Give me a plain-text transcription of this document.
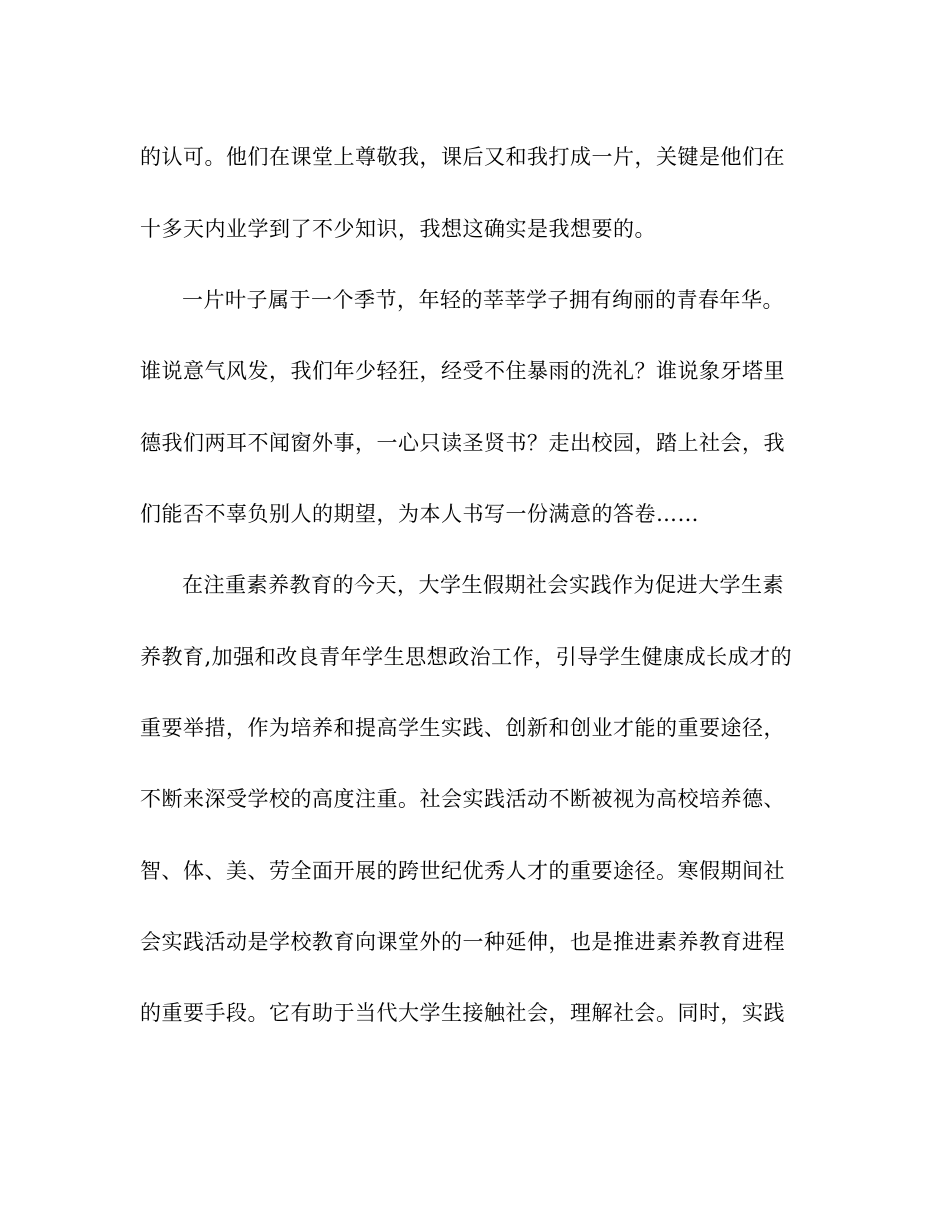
的认可。他们在课堂上尊敬我，课后又和我打成一片，关键是他们在
十多天内业学到了不少知识，我想这确实是我想要的。
一片叶子属于一个季节，年轻的莘莘学子拥有绚丽的青春年华。
谁说意气风发，我们年少轻狂，经受不住暴雨的洗礼？谁说象牙塔里
德我们两耳不闻窗外事，一心只读圣贤书？走出校园，踏上社会，我
们能否不辜负别人的期望，为本人书写一份满意的答卷……
在注重素养教育的今天，大学生假期社会实践作为促进大学生素
养教育,加强和改良青年学生思想政治工作，引导学生健康成长成才的
重要举措，作为培养和提高学生实践、创新和创业才能的重要途径，
不断来深受学校的高度注重。社会实践活动不断被视为高校培养德、
智、体、美、劳全面开展的跨世纪优秀人才的重要途径。寒假期间社
会实践活动是学校教育向课堂外的一种延伸，也是推进素养教育进程
的重要手段。它有助于当代大学生接触社会，理解社会。同时，实践
